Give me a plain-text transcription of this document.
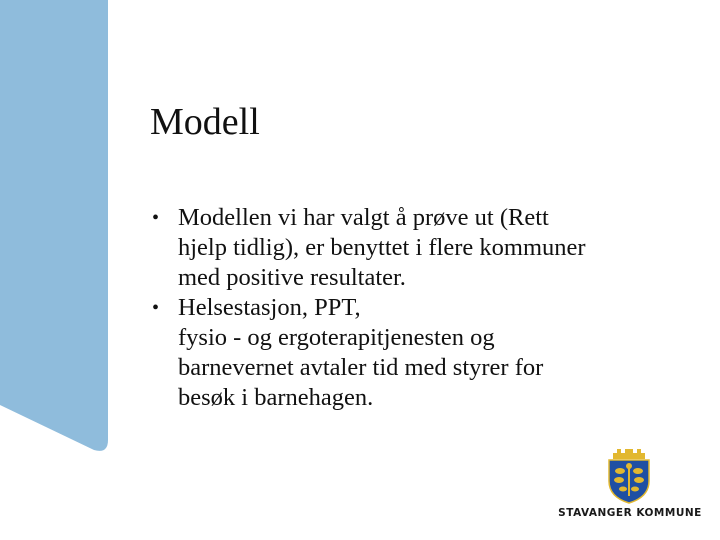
Modell
• Modellen vi har valgt å prøve ut (Rett
hjelp tidlig), er benyttet i flere kommuner
med positive resultater.
• Helsestasjon, PPT,
fysio - og ergoterapitjenesten og
barnevernet avtaler tid med styrer for
besøk i barnehagen.
STAVANGER KOMMUNE
